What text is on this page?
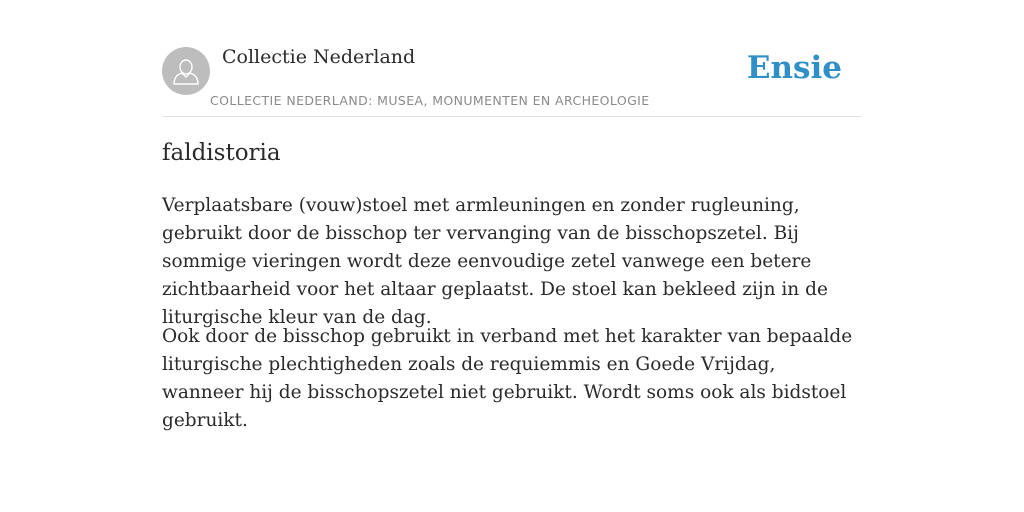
Collectie Nederland
COLLECTIE NEDERLAND: MUSEA, MONUMENTEN EN ARCHEOLOGIE
Ensie
faldistoria

Verplaatsbare (vouw)stoel met armleuningen en zonder rugleuning, gebruikt door de bisschop ter vervanging van de bisschopszetel. Bij sommige vieringen wordt deze eenvoudige zetel vanwege een betere zichtbaarheid voor het altaar geplaatst. De stoel kan bekleed zijn in de liturgische kleur van de dag.

Ook door de bisschop gebruikt in verband met het karakter van bepaalde liturgische plechtigheden zoals de requiemmis en Goede Vrijdag, wanneer hij de bisschopszetel niet gebruikt. Wordt soms ook als bidstoel gebruikt.
